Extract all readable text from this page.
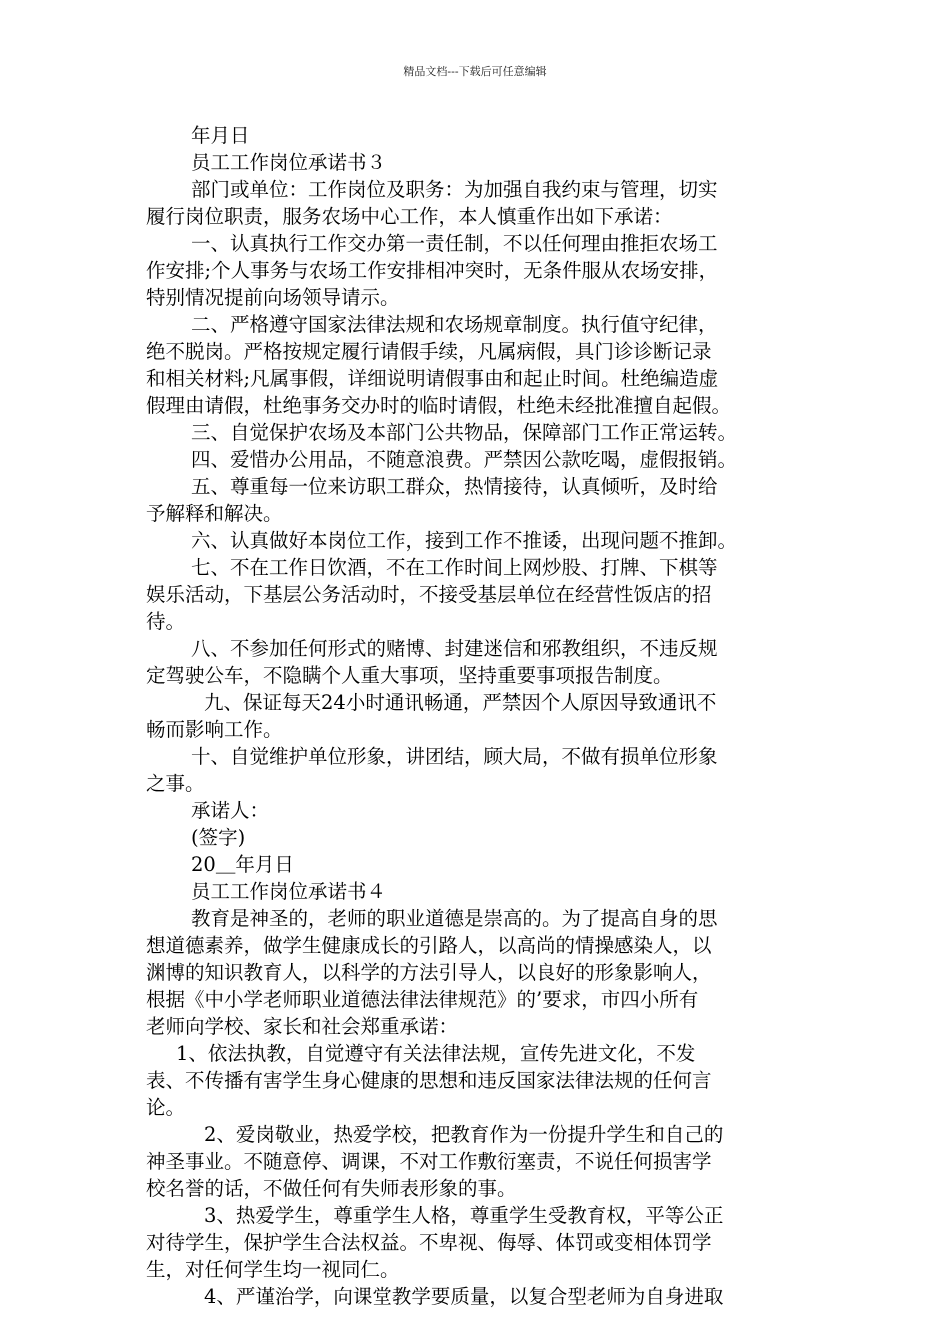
精品文档---下载后可任意编辑
年月日
员工工作岗位承诺书３
部门或单位：工作岗位及职务：为加强自我约束与管理，切实
履行岗位职责，服务农场中心工作，本人慎重作出如下承诺：
一、认真执行工作交办第一责任制，不以任何理由推拒农场工
作安排;个人事务与农场工作安排相冲突时，无条件服从农场安排，
特别情况提前向场领导请示。
二、严格遵守国家法律法规和农场规章制度。执行值守纪律，
绝不脱岗。严格按规定履行请假手续，凡属病假，具门诊诊断记录
和相关材料;凡属事假，详细说明请假事由和起止时间。杜绝编造虚
假理由请假，杜绝事务交办时的临时请假，杜绝未经批准擅自起假。
三、自觉保护农场及本部门公共物品，保障部门工作正常运转。
四、爱惜办公用品，不随意浪费。严禁因公款吃喝，虚假报销。
五、尊重每一位来访职工群众，热情接待，认真倾听，及时给
予解释和解决。
六、认真做好本岗位工作，接到工作不推诿，出现问题不推卸。
七、不在工作日饮酒，不在工作时间上网炒股、打牌、下棋等
娱乐活动，下基层公务活动时，不接受基层单位在经营性饭店的招
待。
八、不参加任何形式的赌博、封建迷信和邪教组织，不违反规
定驾驶公车，不隐瞒个人重大事项，坚持重要事项报告制度。
九、保证每天24小时通讯畅通，严禁因个人原因导致通讯不
畅而影响工作。
十、自觉维护单位形象，讲团结，顾大局，不做有损单位形象
之事。
承诺人：
(签字)
20＿年月日
员工工作岗位承诺书４
教育是神圣的，老师的职业道德是崇高的。为了提高自身的思
想道德素养，做学生健康成长的引路人，以高尚的情操感染人，以
渊博的知识教育人，以科学的方法引导人，以良好的形象影响人，
根据《中小学老师职业道德法律法律规范》的’要求，市四小所有
老师向学校、家长和社会郑重承诺：
1、依法执教，自觉遵守有关法律法规，宣传先进文化，不发
表、不传播有害学生身心健康的思想和违反国家法律法规的任何言
论。
2、爱岗敬业，热爱学校，把教育作为一份提升学生和自己的
神圣事业。不随意停、调课，不对工作敷衍塞责，不说任何损害学
校名誉的话，不做任何有失师表形象的事。
3、热爱学生，尊重学生人格，尊重学生受教育权，平等公正
对待学生，保护学生合法权益。不卑视、侮辱、体罚或变相体罚学
生，对任何学生均一视同仁。
4、严谨治学，向课堂教学要质量，以复合型老师为自身进取
